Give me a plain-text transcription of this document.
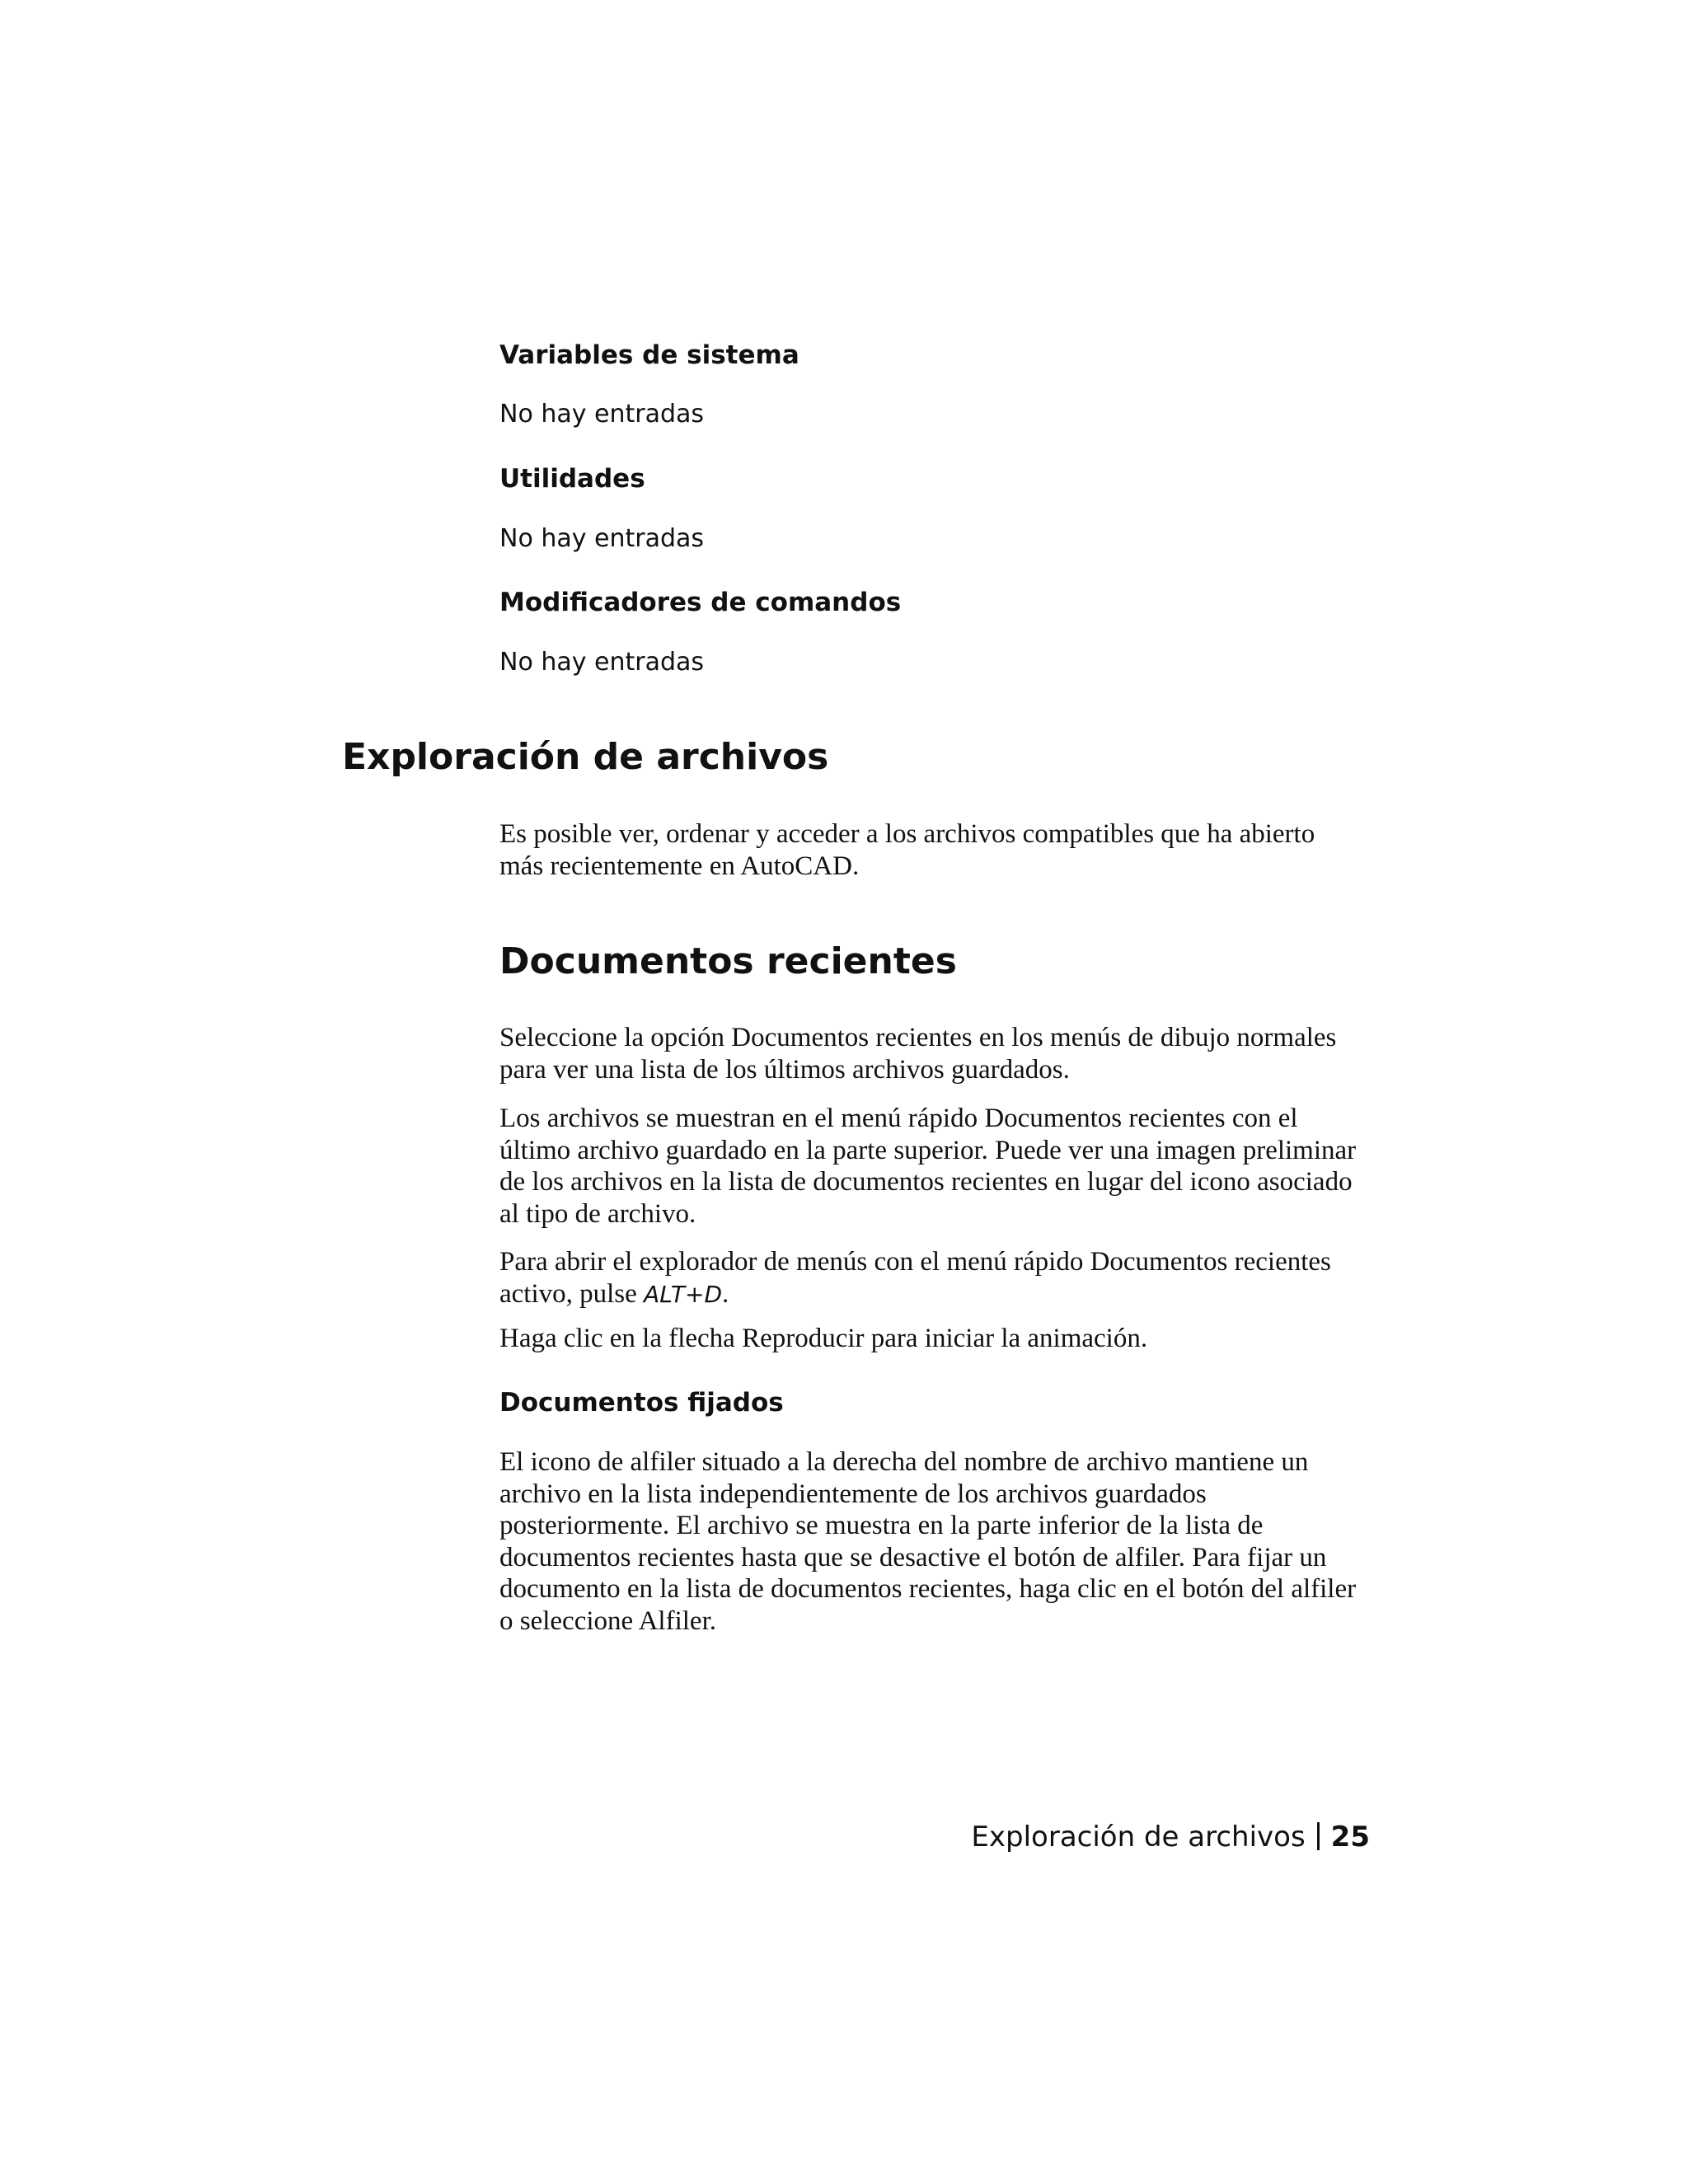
Variables de sistema

No hay entradas

Utilidades

No hay entradas

Modificadores de comandos

No hay entradas

Exploración de archivos

Es posible ver, ordenar y acceder a los archivos compatibles que ha abierto
más recientemente en AutoCAD.

Documentos recientes

Seleccione la opción Documentos recientes en los menús de dibujo normales
para ver una lista de los últimos archivos guardados.

Los archivos se muestran en el menú rápido Documentos recientes con el
último archivo guardado en la parte superior. Puede ver una imagen preliminar
de los archivos en la lista de documentos recientes en lugar del icono asociado
al tipo de archivo.

Para abrir el explorador de menús con el menú rápido Documentos recientes
activo, pulse ALT+D.

Haga clic en la flecha Reproducir para iniciar la animación.

Documentos fijados

El icono de alfiler situado a la derecha del nombre de archivo mantiene un
archivo en la lista independientemente de los archivos guardados
posteriormente. El archivo se muestra en la parte inferior de la lista de
documentos recientes hasta que se desactive el botón de alfiler. Para fijar un
documento en la lista de documentos recientes, haga clic en el botón del alfiler
o seleccione Alfiler.

Exploración de archivos 25
